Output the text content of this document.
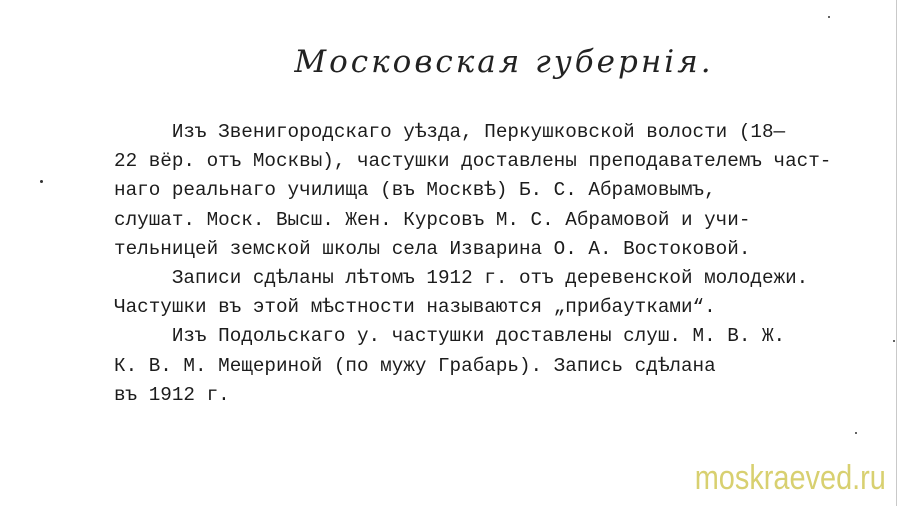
Московская губернія.
Изъ Звенигородскаго уѣзда, Перкушковской волости (18—
22 вёр. отъ Москвы), частушки доставлены преподавателемъ част-
наго реальнаго училища (въ Москвѣ) Б. С. Абрамовымъ,
слушат. Моск. Высш. Жен. Курсовъ М. С. Абрамовой и учи-
тельницей земской школы села Изварина О. А. Востоковой.
Записи сдѣланы лѣтомъ 1912 г. отъ деревенской молодежи.
Частушки въ этой мѣстности называются „прибаутками“.
Изъ Подольскаго у. частушки доставлены слуш. М. В. Ж.
К. В. М. Мещериной (по мужу Грабарь). Запись сдѣлана
въ 1912 г.
moskraeved.ru
